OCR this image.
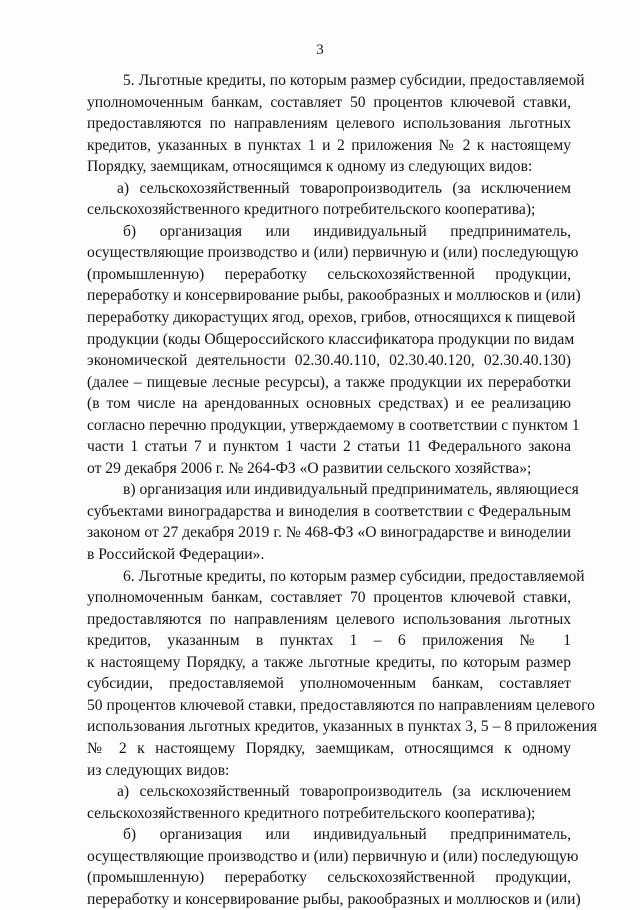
3

5. Льготные кредиты, по которым размер субсидии, предоставляемой
уполномоченным банкам, составляет 50 процентов ключевой ставки,
предоставляются по направлениям целевого использования льготных
кредитов, указанных в пунктах 1 и 2 приложения № 2 к настоящему
Порядку, заемщикам, относящимся к одному из следующих видов:

а) сельскохозяйственный товаропроизводитель (за исключением
сельскохозяйственного кредитного потребительского кооператива);

б) организация или индивидуальный предприниматель,
осуществляющие производство и (или) первичную и (или) последующую
(промышленную) переработку сельскохозяйственной продукции,
переработку и консервирование рыбы, ракообразных и моллюсков и (или)
переработку дикорастущих ягод, орехов, грибов, относящихся к пищевой
продукции (коды Общероссийского классификатора продукции по видам
экономической деятельности 02.30.40.110, 02.30.40.120, 02.30.40.130)
(далее – пищевые лесные ресурсы), а также продукции их переработки
(в том числе на арендованных основных средствах) и ее реализацию
согласно перечню продукции, утверждаемому в соответствии с пунктом 1
части 1 статьи 7 и пунктом 1 части 2 статьи 11 Федерального закона
от 29 декабря 2006 г. № 264-ФЗ «О развитии сельского хозяйства»;

в) организация или индивидуальный предприниматель, являющиеся
субъектами виноградарства и виноделия в соответствии с Федеральным
законом от 27 декабря 2019 г. № 468-ФЗ «О виноградарстве и виноделии
в Российской Федерации».

6. Льготные кредиты, по которым размер субсидии, предоставляемой
уполномоченным банкам, составляет 70 процентов ключевой ставки,
предоставляются по направлениям целевого использования льготных
кредитов, указанным в пунктах 1 – 6 приложения № 1
к настоящему Порядку, а также льготные кредиты, по которым размер
субсидии, предоставляемой уполномоченным банкам, составляет
50 процентов ключевой ставки, предоставляются по направлениям целевого
использования льготных кредитов, указанных в пунктах 3, 5 – 8 приложения
№ 2 к настоящему Порядку, заемщикам, относящимся к одному
из следующих видов:

а) сельскохозяйственный товаропроизводитель (за исключением
сельскохозяйственного кредитного потребительского кооператива);

б) организация или индивидуальный предприниматель,
осуществляющие производство и (или) первичную и (или) последующую
(промышленную) переработку сельскохозяйственной продукции,
переработку и консервирование рыбы, ракообразных и моллюсков и (или)
